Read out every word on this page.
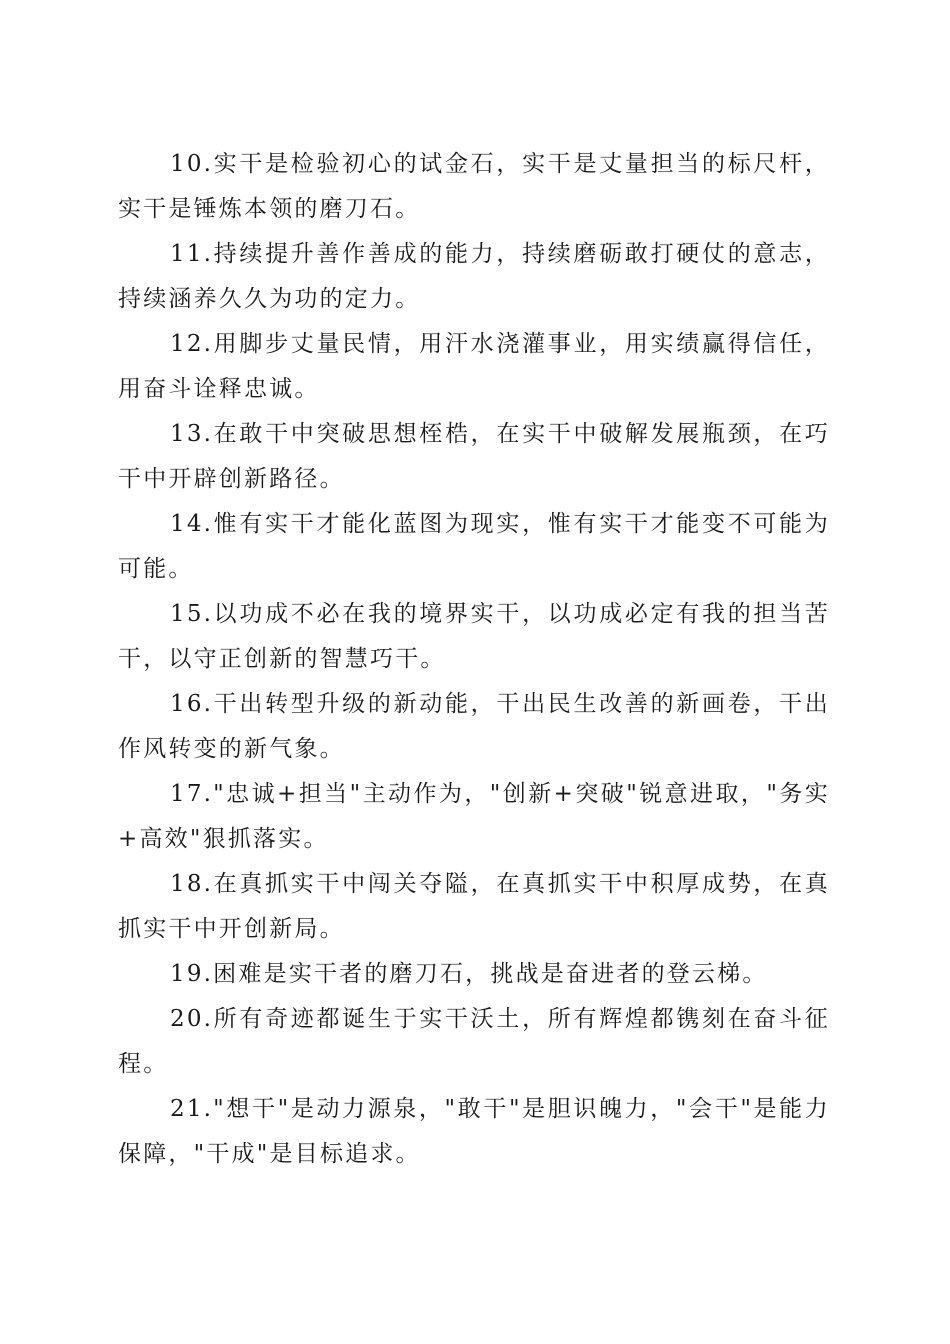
10.实干是检验初心的试金石，实干是丈量担当的标尺杆，实干是锤炼本领的磨刀石。

11.持续提升善作善成的能力，持续磨砺敢打硬仗的意志，持续涵养久久为功的定力。

12.用脚步丈量民情，用汗水浇灌事业，用实绩赢得信任，用奋斗诠释忠诚。

13.在敢干中突破思想桎梏，在实干中破解发展瓶颈，在巧干中开辟创新路径。

14.惟有实干才能化蓝图为现实，惟有实干才能变不可能为可能。

15.以功成不必在我的境界实干，以功成必定有我的担当苦干，以守正创新的智慧巧干。

16.干出转型升级的新动能，干出民生改善的新画卷，干出作风转变的新气象。

17."忠诚+担当"主动作为，"创新+突破"锐意进取，"务实+高效"狠抓落实。

18.在真抓实干中闯关夺隘，在真抓实干中积厚成势，在真抓实干中开创新局。

19.困难是实干者的磨刀石，挑战是奋进者的登云梯。

20.所有奇迹都诞生于实干沃土，所有辉煌都镌刻在奋斗征程。

21."想干"是动力源泉，"敢干"是胆识魄力，"会干"是能力保障，"干成"是目标追求。
